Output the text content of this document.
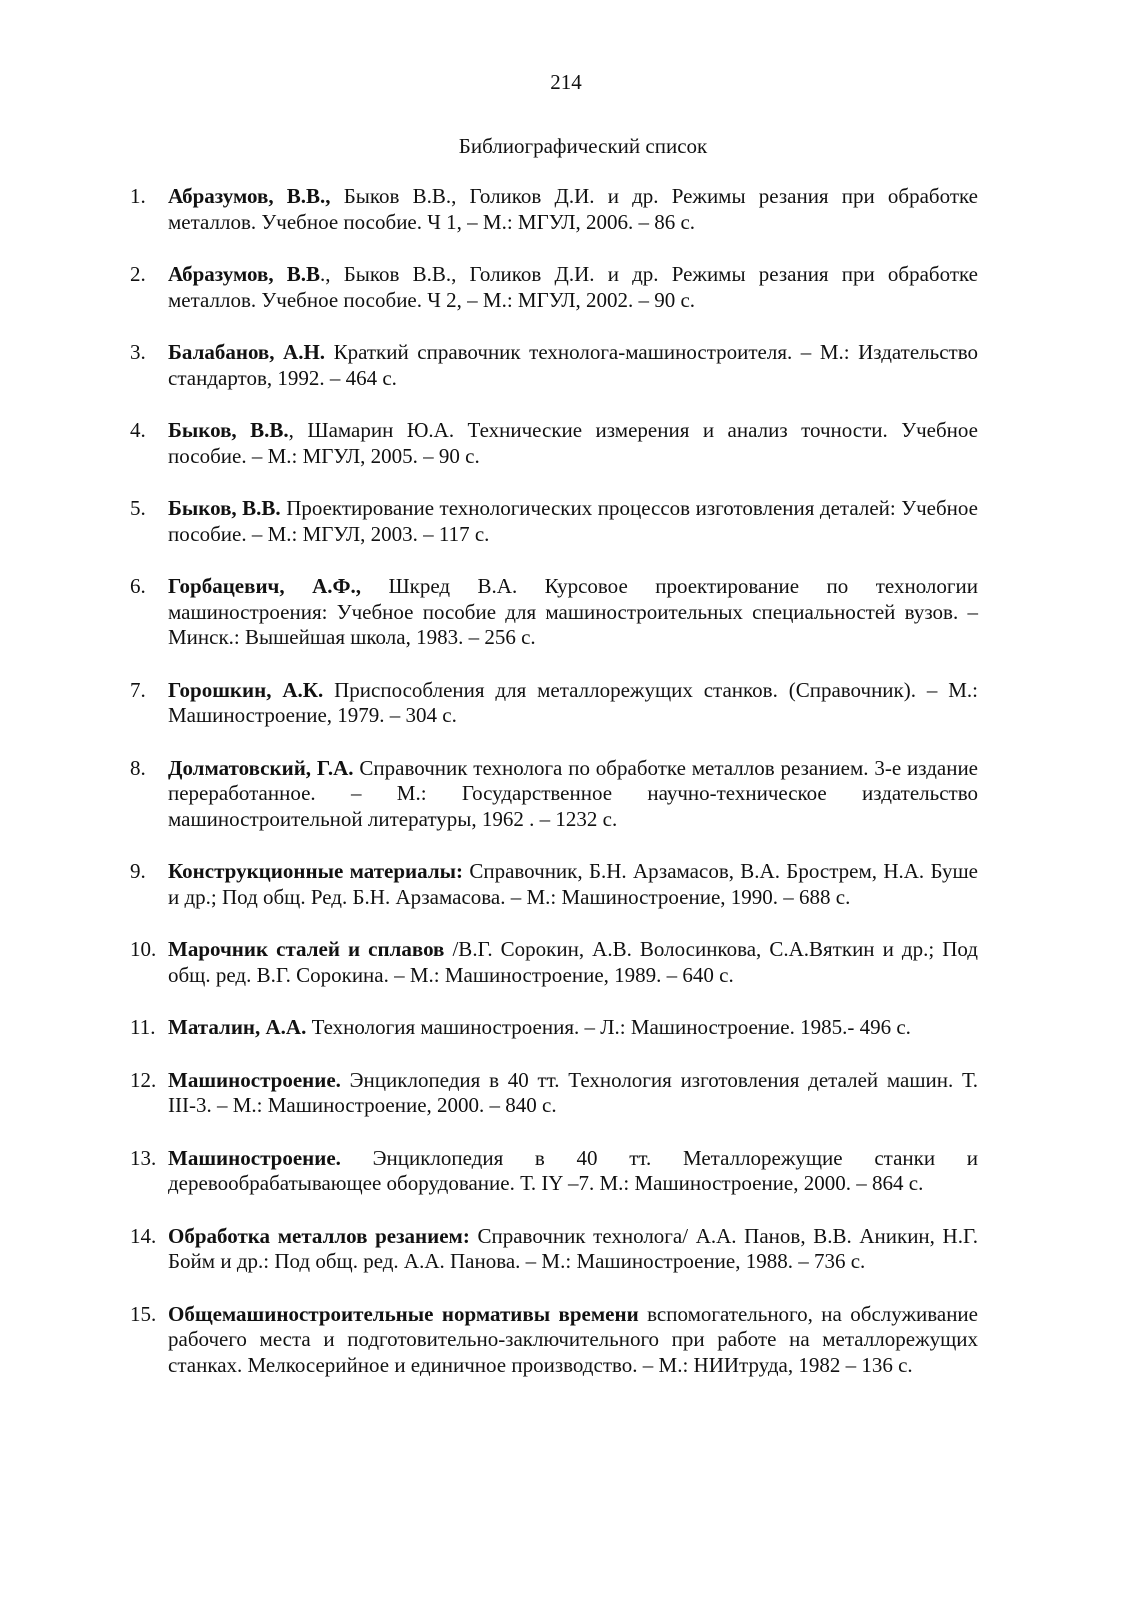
214
Библиографический список
1. Абразумов, В.В., Быков В.В., Голиков Д.И. и др. Режимы резания при обработке металлов. Учебное пособие. Ч 1, – М.: МГУЛ, 2006. – 86 с.
2. Абразумов, В.В., Быков В.В., Голиков Д.И. и др. Режимы резания при обработке металлов. Учебное пособие. Ч 2, – М.: МГУЛ, 2002. – 90 с.
3. Балабанов, А.Н. Краткий справочник технолога-машиностроителя. – М.: Издательство стандартов, 1992. – 464 с.
4. Быков, В.В., Шамарин Ю.А. Технические измерения и анализ точности. Учебное пособие. – М.: МГУЛ, 2005. – 90 с.
5. Быков, В.В. Проектирование технологических процессов изготовления деталей: Учебное пособие. – М.: МГУЛ, 2003. – 117 с.
6. Горбацевич, А.Ф., Шкред В.А. Курсовое проектирование по технологии машиностроения: Учебное пособие для машиностроительных специальностей вузов. – Минск.: Вышейшая школа, 1983. – 256 с.
7. Горошкин, А.К. Приспособления для металлорежущих станков. (Справочник). – М.: Машиностроение, 1979. – 304 с.
8. Долматовский, Г.А. Справочник технолога по обработке металлов резанием. 3-е издание переработанное. – М.: Государственное научно-техническое издательство машиностроительной литературы, 1962 . – 1232 с.
9. Конструкционные материалы: Справочник, Б.Н. Арзамасов, В.А. Брострем, Н.А. Буше и др.; Под общ. Ред. Б.Н. Арзамасова. – М.: Машиностроение, 1990. – 688 с.
10. Марочник сталей и сплавов /В.Г. Сорокин, А.В. Волосинкова, С.А.Вяткин и др.; Под общ. ред. В.Г. Сорокина. – М.: Машиностроение, 1989. – 640 с.
11. Маталин, А.А. Технология машиностроения. – Л.: Машиностроение. 1985.- 496 с.
12. Машиностроение. Энциклопедия в 40 тт. Технология изготовления деталей машин. Т. III-3. – М.: Машиностроение, 2000. – 840 с.
13. Машиностроение. Энциклопедия в 40 тт. Металлорежущие станки и деревообрабатывающее оборудование. Т. IY –7. М.: Машиностроение, 2000. – 864 с.
14. Обработка металлов резанием: Справочник технолога/ А.А. Панов, В.В. Аникин, Н.Г. Бойм и др.: Под общ. ред. А.А. Панова. – М.: Машиностроение, 1988. – 736 с.
15. Общемашиностроительные нормативы времени вспомогательного, на обслуживание рабочего места и подготовительно-заключительного при работе на металлорежущих станках. Мелкосерийное и единичное производство. – М.: НИИтруда, 1982 – 136 с.
